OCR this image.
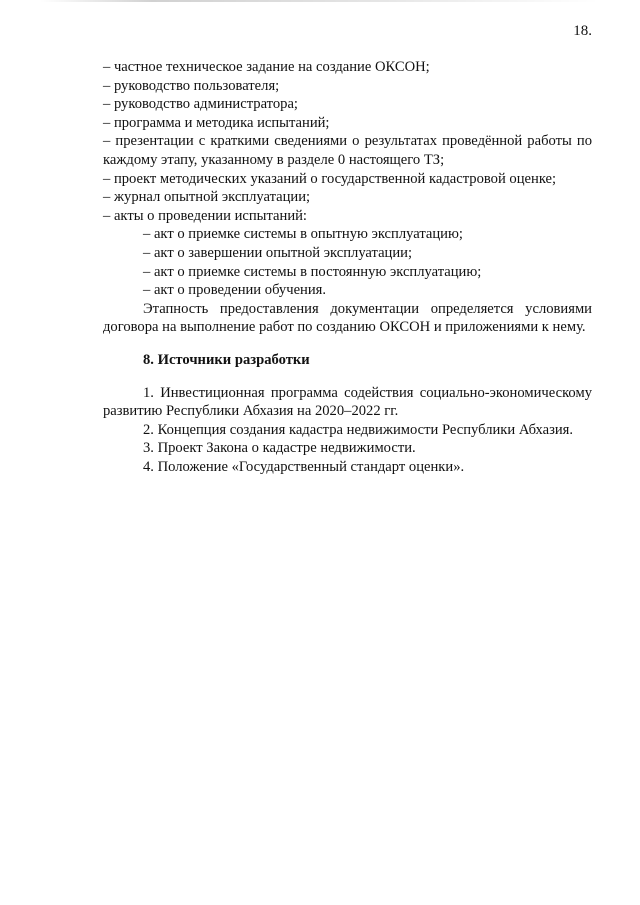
18.
– частное техническое задание на создание ОКСОН;
– руководство пользователя;
– руководство администратора;
– программа и методика испытаний;

– презентации с краткими сведениями о результатах проведённой работы по каждому этапу, указанному в разделе 0 настоящего ТЗ;

– проект методических указаний о государственной кадастровой оценке;
– журнал опытной эксплуатации;
– акты о проведении испытаний:
– акт о приемке системы в опытную эксплуатацию;
– акт о завершении опытной эксплуатации;
– акт о приемке системы в постоянную эксплуатацию;
– акт о проведении обучения.

Этапность предоставления документации определяется условиями договора на выполнение работ по созданию ОКСОН и приложениями к нему.

8. Источники разработки

1. Инвестиционная программа содействия социально-экономическому развитию Республики Абхазия на 2020–2022 гг.

2. Концепция создания кадастра недвижимости Республики Абхазия.
3. Проект Закона о кадастре недвижимости.
4. Положение «Государственный стандарт оценки».
